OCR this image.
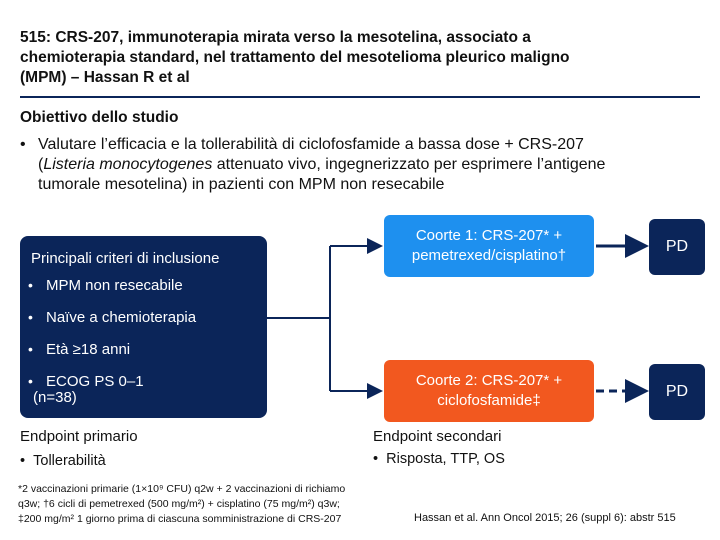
515: CRS-207, immunoterapia mirata verso la mesotelina, associato a
chemioterapia standard, nel trattamento del mesotelioma pleurico maligno
(MPM) – Hassan R et al
Obiettivo dello studio
• Valutare l’efficacia e la tollerabilità di ciclofosfamide a bassa dose + CRS-207
(Listeria monocytogenes attenuato vivo, ingegnerizzato per esprimere l’antigene
tumorale mesotelina) in pazienti con MPM non resecabile
Principali criteri di inclusione
• MPM non resecabile
• Naïve a chemioterapia
• Età ≥18 anni
• ECOG PS 0–1
(n=38)
Coorte 1: CRS-207* +
pemetrexed/cisplatino†
Coorte 2: CRS-207* +
ciclofosfamide‡
PD
PD
Endpoint primario
• Tollerabilità
Endpoint secondari
• Risposta, TTP, OS
*2 vaccinazioni primarie (1×10⁹ CFU) q2w + 2 vaccinazioni di richiamo
q3w; †6 cicli di pemetrexed (500 mg/m²) + cisplatino (75 mg/m²) q3w;
‡200 mg/m² 1 giorno prima di ciascuna somministrazione di CRS-207	Hassan et al. Ann Oncol 2015; 26 (suppl 6): abstr 515
